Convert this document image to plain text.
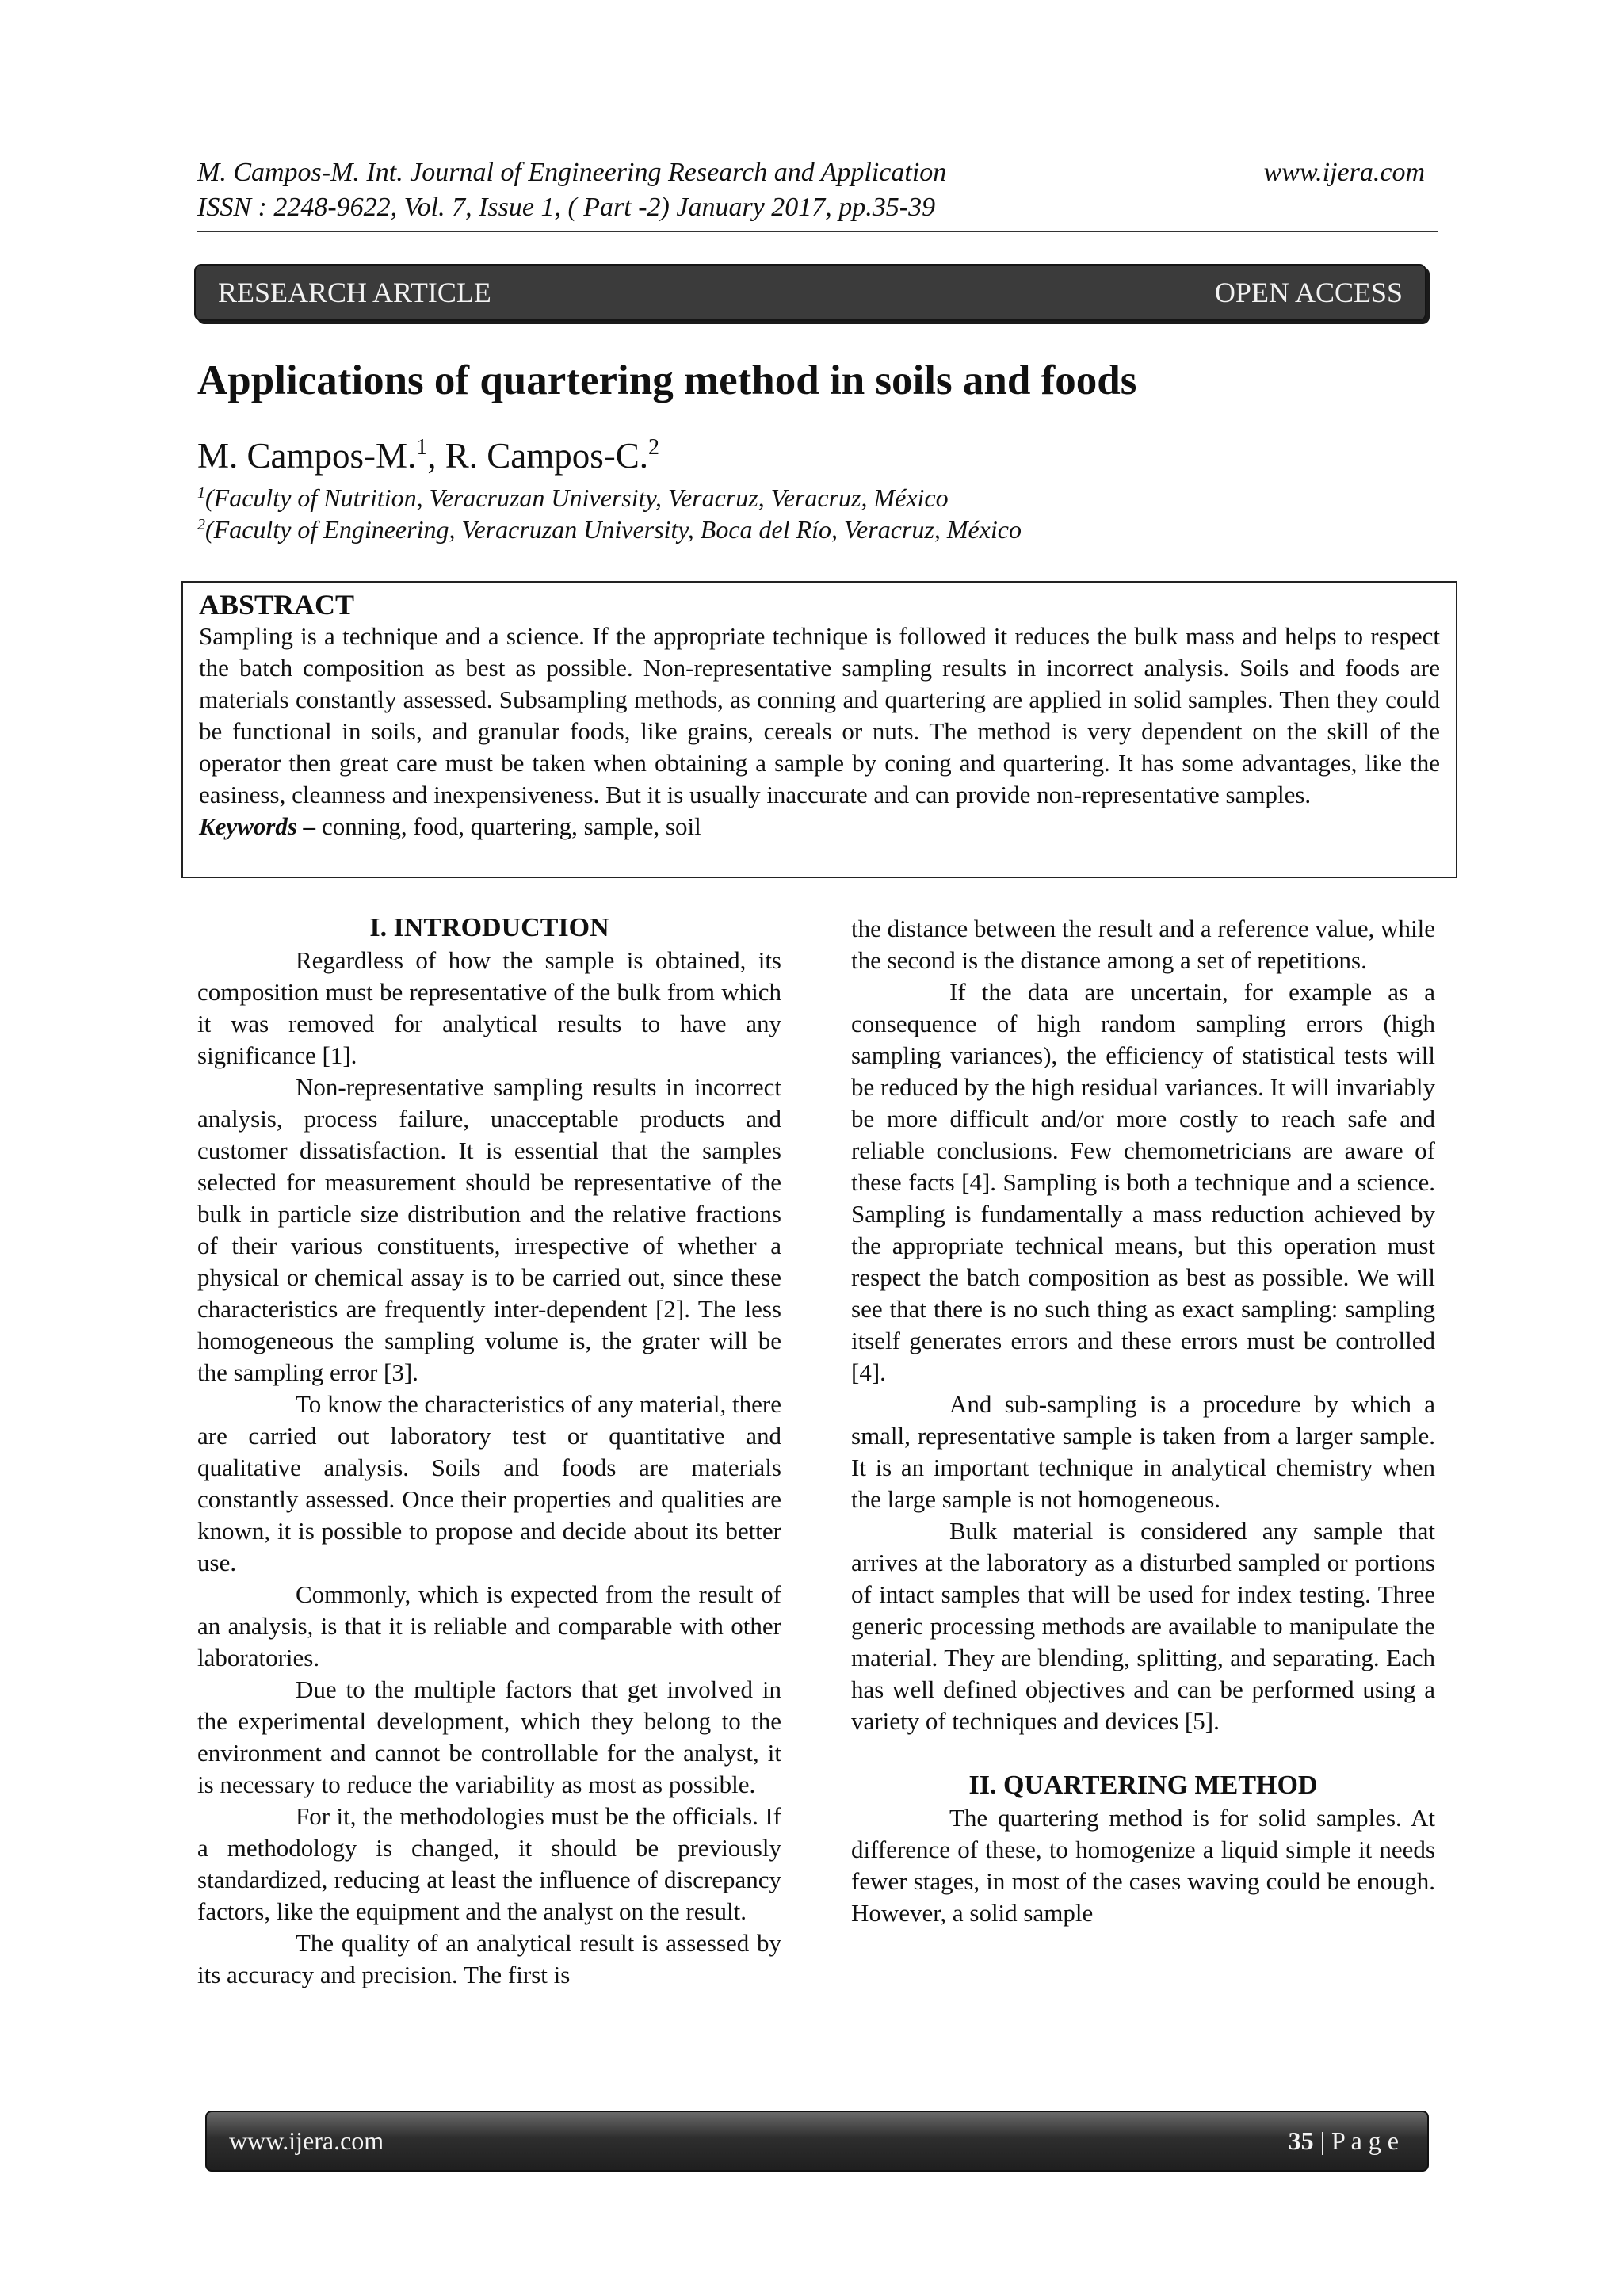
M. Campos-M. Int. Journal of Engineering Research and Application
ISSN : 2248-9622, Vol. 7, Issue 1, ( Part -2) January 2017, pp.35-39
www.ijera.com
RESEARCH ARTICLE	OPEN ACCESS
Applications of quartering method in soils and foods
M. Campos-M.$^1$, R. Campos-C.$^2$
$^1$(Faculty of Nutrition, Veracruzan University, Veracruz, Veracruz, México
$^2$(Faculty of Engineering, Veracruzan University, Boca del Río, Veracruz, México
ABSTRACT
Sampling is a technique and a science. If the appropriate technique is followed it reduces the bulk mass and helps to respect the batch composition as best as possible. Non-representative sampling results in incorrect analysis. Soils and foods are materials constantly assessed. Subsampling methods, as conning and quartering are applied in solid samples. Then they could be functional in soils, and granular foods, like grains, cereals or nuts. The method is very dependent on the skill of the operator then great care must be taken when obtaining a sample by coning and quartering. It has some advantages, like the easiness, cleanness and inexpensiveness. But it is usually inaccurate and can provide non-representative samples.
Keywords – conning, food, quartering, sample, soil
I. INTRODUCTION

Regardless of how the sample is obtained, its composition must be representative of the bulk from which it was removed for analytical results to have any significance [1].

Non-representative sampling results in incorrect analysis, process failure, unacceptable products and customer dissatisfaction. It is essential that the samples selected for measurement should be representative of the bulk in particle size distribution and the relative fractions of their various constituents, irrespective of whether a physical or chemical assay is to be carried out, since these characteristics are frequently inter-dependent [2]. The less homogeneous the sampling volume is, the grater will be the sampling error [3].

To know the characteristics of any material, there are carried out laboratory test or quantitative and qualitative analysis. Soils and foods are materials constantly assessed. Once their properties and qualities are known, it is possible to propose and decide about its better use.

Commonly, which is expected from the result of an analysis, is that it is reliable and comparable with other laboratories.

Due to the multiple factors that get involved in the experimental development, which they belong to the environment and cannot be controllable for the analyst, it is necessary to reduce the variability as most as possible.

For it, the methodologies must be the officials. If a methodology is changed, it should be previously standardized, reducing at least the influence of discrepancy factors, like the equipment and the analyst on the result.

The quality of an analytical result is assessed by its accuracy and precision. The first is

the distance between the result and a reference value, while the second is the distance among a set of repetitions.

If the data are uncertain, for example as a consequence of high random sampling errors (high sampling variances), the efficiency of statistical tests will be reduced by the high residual variances. It will invariably be more difficult and/or more costly to reach safe and reliable conclusions. Few chemometricians are aware of these facts [4]. Sampling is both a technique and a science. Sampling is fundamentally a mass reduction achieved by the appropriate technical means, but this operation must respect the batch composition as best as possible. We will see that there is no such thing as exact sampling: sampling itself generates errors and these errors must be controlled [4].

And sub-sampling is a procedure by which a small, representative sample is taken from a larger sample. It is an important technique in analytical chemistry when the large sample is not homogeneous.

Bulk material is considered any sample that arrives at the laboratory as a disturbed sampled or portions of intact samples that will be used for index testing. Three generic processing methods are available to manipulate the material. They are blending, splitting, and separating. Each has well defined objectives and can be performed using a variety of techniques and devices [5].

II. QUARTERING METHOD

The quartering method is for solid samples. At difference of these, to homogenize a liquid simple it needs fewer stages, in most of the cases waving could be enough. However, a solid sample

www.ijera.com	35 | P a g e
